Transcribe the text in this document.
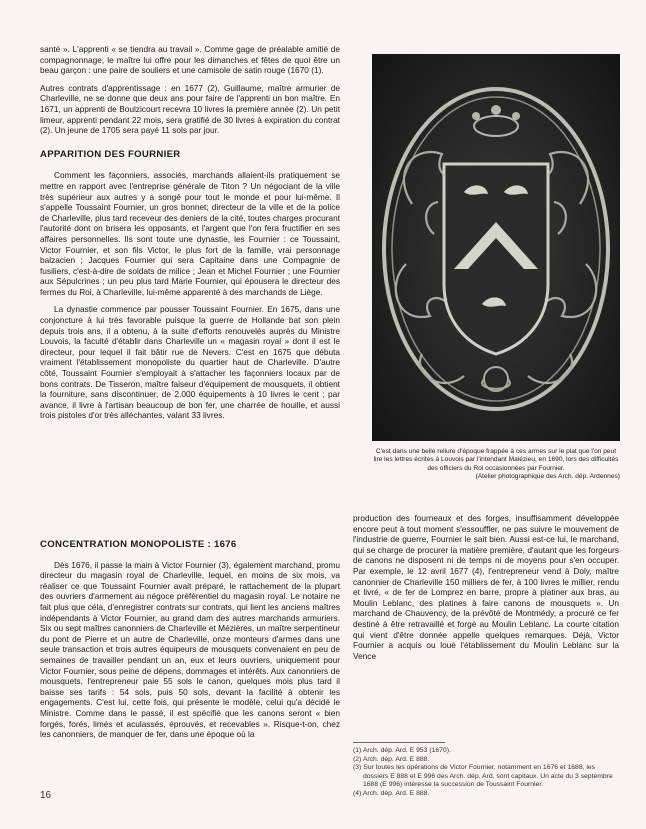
santé ». L'apprenti « se tiendra au travail ». Comme gage de préalable amitié de compagnonnage, le maître lui offre pour les dimanches et fêtes de quoi être un beau garçon : une paire de souliers et une camisole de satin rouge (1670 (1).

Autres contrats d'apprentissage : en 1677 (2), Guillaume, maître armurier de Charleville, ne se donne que deux ans pour faire de l'apprenti un bon maître. En 1671, un apprenti de Boulzicourt recevra 10 livres la première année (2). Un petit limeur, apprenti pendant 22 mois, sera gratifié de 30 livres à expiration du contrat (2). Un jeune de 1705 sera payé 11 sols par jour.

APPARITION DES FOURNIER

Comment les façonniers, associés, marchands allaient-ils pratiquement se mettre en rapport avec l'entreprise générale de Titon ? Un négociant de la ville très supérieur aux autres y a songé pour tout le monde et pour lui-même. Il s'appelle Toussaint Fournier, un gros bonnet; directeur de la ville et de la police de Charleville, plus tard receveur des deniers de la cité, toutes charges procurant l'autorité dont on brisera les opposants, et l'argent que l'on fera fructifier en ses affaires personnelles. Ils sont toute une dynastie, les Fournier : ce Toussaint, Victor Fournier, et son fils Victor, le plus fort de la famille, vrai personnage balzacien ; Jacques Fournier qui sera Capitaine dans une Compagnie de fusiliers, c'est-à-dire de soldats de milice ; Jean et Michel Fournier ; une Fournier aux Sépulcrines ; un peu plus tard Marie Fournier, qui épousera le directeur des fermes du Roi, à Charleville, lui-même apparenté à des marchands de Liège.

La dynastie commence par pousser Toussaint Fournier. En 1675, dans une conjoncture à lui très favorable puisque la guerre de Hollande bat son plein depuis trois ans, il a obtenu, à la suite d'efforts renouvelés auprès du Ministre Louvois, la faculté d'établir dans Charleville un « magasin royal » dont il est le directeur, pour lequel il fait bâtir rue de Nevers. C'est en 1675 que débuta vraiment l'établissement monopoliste du quartier haut de Charleville. D'autre côté, Toussaint Fournier s'employait à s'attacher les façonniers locaux par de bons contrats. De Tisseron, maître faiseur d'équipement de mousquets, il obtient la fourniture, sans discontinuer, de 2.000 équipements à 10 livres le cent ; par avance, il livre à l'artisan beaucoup de bon fer, une charrée de houille, et aussi trois pistoles d'or très alléchantes, valant 33 livres.

C'est dans une belle reliure d'époque frappée à ces armes sur le plat que l'on peut lire les lettres écrites à Louvois par l'intendant Malézieu, en 1690, lors des difficultés des officiers du Roi occasionnées par Fournier.
(Atelier photographique des Arch. dép. Ardennes)
CONCENTRATION MONOPOLISTE : 1676

Dès 1676, il passe la main à Victor Fournier (3), également marchand, promu directeur du magasin royal de Charleville, lequel, en moins de six mois, va réaliser ce que Toussaint Fournier avait préparé, le rattachement de la plupart des ouvriers d'armement au négoce préférentiel du magasin royal. Le notaire ne fait plus que céla, d'enregistrer contrats sur contrats, qui lient les anciens maîtres indépendants à Victor Fournier, au grand dam des autres marchands armuriers. Six ou sept maîtres canonniers de Charleville et Mézières, un maître serpentineur du pont de Pierre et un autre de Charleville, onze monteurs d'armes dans une seule transaction et trois autres équipeurs de mousquets convenaient en peu de semaines de travailler pendant un an, eux et leurs ouvriers, uniquement pour Victor Fournier, sous peine de dépens, dommages et intérêts. Aux canonniers de mousquets, l'entrepreneur paie 55 sols le canon, quelques mois plus tard il baisse ses tarifs : 54 sols, puis 50 sols, devant la facilité à obtenir les engagements. C'est lui, cette fois, qui présente le modèle, celui qu'a décidé le Ministre. Comme dans le passé, il est spécifié que les canons seront « bien forgés, forés, limés et aculassés, éprouvés, et recevables ». Risque-t-on, chez les canonniers, de manquer de fer, dans une époque où la

production des fourneaux et des forges, insuffisamment développée encore peut à tout moment s'essouffler, ne pas suivre le mouvement de l'industrie de guerre, Fournier le sait bien. Aussi est-ce lui, le marchand, qui se charge de procurer la matière première, d'autant que les forgeurs de canons ne disposent ni de temps ni de moyens pour s'en occuper. Par exemple, le 12 avril 1677 (4), l'entrepreneur vend à Doly, maître canonnier de Charleville 150 milliers de fer, à 100 livres le millier, rendu et livré, « de fer de Lomprez en barre, propre à platiner aux bras, au Moulin Leblanc, des platines à faire canons de mousquets ». Un marchand de Chauvency, de la prévôté de Montmédy, a procuré ce fer destiné à être retravaillé et forgé au Moulin Leblanc. La courte citation qui vient d'être donnée appelle quelques remarques. Déjà, Victor Fournier a acquis ou loué l'établissement du Moulin Leblanc sur la Vence

(1) Arch. dép. Ard. E 953 (1670).

(2) Arch. dép. Ard. E 888.

(3) Sur toutes les opérations de Victor Fournier, notamment en 1676 et 1688, les dossiers E 888 et E 996 des Arch. dép. Ard. sont capitaux. Un acte du 3 septembre 1688 (E 996) intéresse la succession de Toussaint Fournier.

(4) Arch. dép. Ard. E 888.

16
